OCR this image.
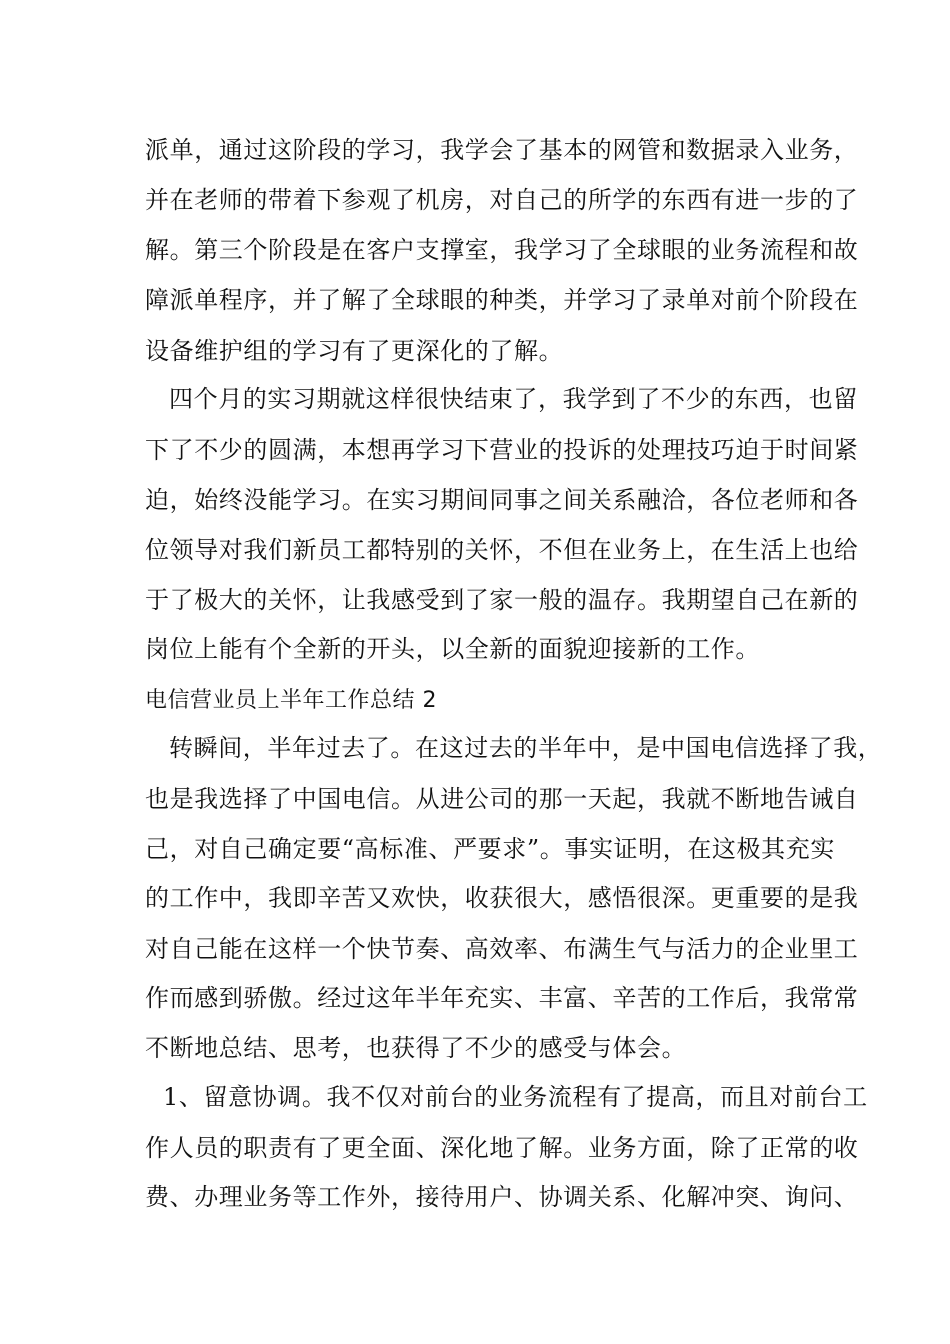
派单，通过这阶段的学习，我学会了基本的网管和数据录入业务，
并在老师的带着下参观了机房，对自己的所学的东西有进一步的了
解。第三个阶段是在客户支撑室，我学习了全球眼的业务流程和故
障派单程序，并了解了全球眼的种类，并学习了录单对前个阶段在
设备维护组的学习有了更深化的了解。
四个月的实习期就这样很快结束了，我学到了不少的东西，也留
下了不少的圆满，本想再学习下营业的投诉的处理技巧迫于时间紧
迫，始终没能学习。在实习期间同事之间关系融洽，各位老师和各
位领导对我们新员工都特别的关怀，不但在业务上，在生活上也给
于了极大的关怀，让我感受到了家一般的温存。我期望自己在新的
岗位上能有个全新的开头，以全新的面貌迎接新的工作。
电信营业员上半年工作总结 2
转瞬间，半年过去了。在这过去的半年中，是中国电信选择了我，
也是我选择了中国电信。从进公司的那一天起，我就不断地告诫自
己，对自己确定要“高标准、严要求”。事实证明，在这极其充实
的工作中，我即辛苦又欢快，收获很大，感悟很深。更重要的是我
对自己能在这样一个快节奏、高效率、布满生气与活力的企业里工
作而感到骄傲。经过这年半年充实、丰富、辛苦的工作后，我常常
不断地总结、思考，也获得了不少的感受与体会。
1、留意协调。我不仅对前台的业务流程有了提高，而且对前台工
作人员的职责有了更全面、深化地了解。业务方面，除了正常的收
费、办理业务等工作外，接待用户、协调关系、化解冲突、询问、
